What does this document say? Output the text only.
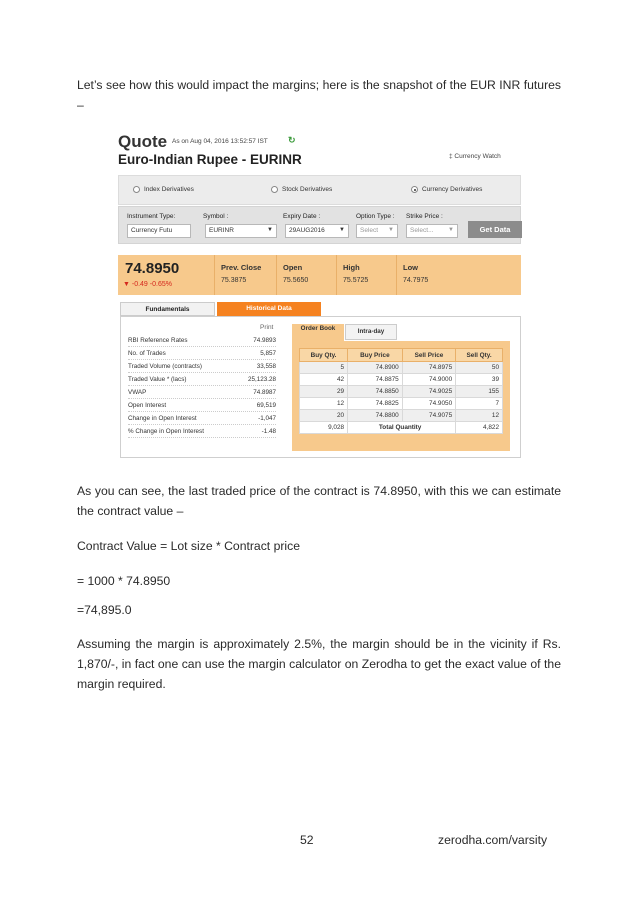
Let’s see how this would impact the margins; here is the snapshot of the EUR INR futures –

Quote As on Aug 04, 2016 13:52:57 IST ↻
Euro-Indian Rupee - EURINR	‡ Currency Watch
Index Derivatives	Stock Derivatives	Currency Derivatives
Instrument Type:
Currency Futu
Symbol :
EURINR	▼
Expiry Date :
29AUG2016 ▼
Option Type :
Select ▼
Strike Price :
Select... ▼	Get Data
74.8950
▼ -0.49 -0.65%
Prev. Close
75.3875
Open
75.5650
High
75.5725
Low
74.7975
Fundamentals	Historical Data
Print
RBI Reference Rates	74.9893
No. of Trades	5,857
Traded Volume (contracts)	33,558
Traded Value * (lacs)	25,123.28
VWAP	74.8987
Open Interest	69,519
Change in Open Interest	-1,047
% Change in Open Interest	-1.48
Order Book	Intra-day
Buy Qty.	Buy Price	Sell Price	Sell Qty.
5	74.8900	74.8975	50
42	74.8875	74.9000	39
29	74.8850	74.9025	155
12	74.8825	74.9050	7
20	74.8800	74.9075	12
9,028	Total Quantity		4,822

As you can see, the last traded price of the contract is 74.8950, with this we can estimate the contract value –

Contract Value = Lot size * Contract price

= 1000 * 74.8950

=74,895.0

Assuming the margin is approximately 2.5%, the margin should be in the vicinity if Rs. 1,870/-, in fact one can use the margin calculator on Zerodha to get the exact value of the margin required.

52	zerodha.com/varsity
